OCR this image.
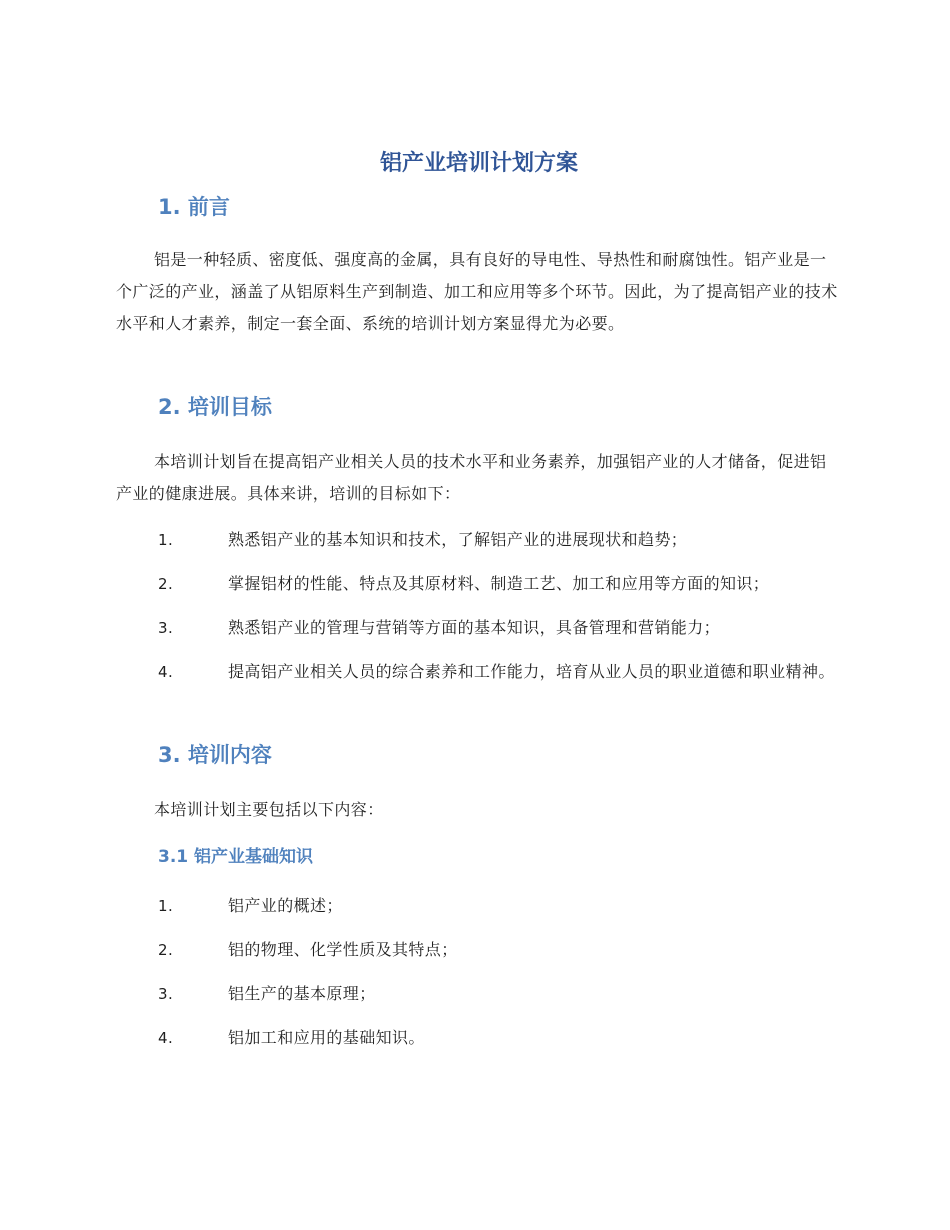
铝产业培训计划方案
1. 前言

铝是一种轻质、密度低、强度高的金属，具有良好的导电性、导热性和耐腐蚀性。铝产业是一个广泛的产业，涵盖了从铝原料生产到制造、加工和应用等多个环节。因此，为了提高铝产业的技术水平和人才素养，制定一套全面、系统的培训计划方案显得尤为必要。

2. 培训目标

本培训计划旨在提高铝产业相关人员的技术水平和业务素养，加强铝产业的人才储备，促进铝产业的健康进展。具体来讲，培训的目标如下：

1.	熟悉铝产业的基本知识和技术，了解铝产业的进展现状和趋势；

2.	掌握铝材的性能、特点及其原材料、制造工艺、加工和应用等方面的知识；

3.	熟悉铝产业的管理与营销等方面的基本知识，具备管理和营销能力；

4.	提高铝产业相关人员的综合素养和工作能力，培育从业人员的职业道德和职业精神。

3. 培训内容

本培训计划主要包括以下内容：

3.1 铝产业基础知识

1.	铝产业的概述；

2.	铝的物理、化学性质及其特点；

3.	铝生产的基本原理；

4.	铝加工和应用的基础知识。
